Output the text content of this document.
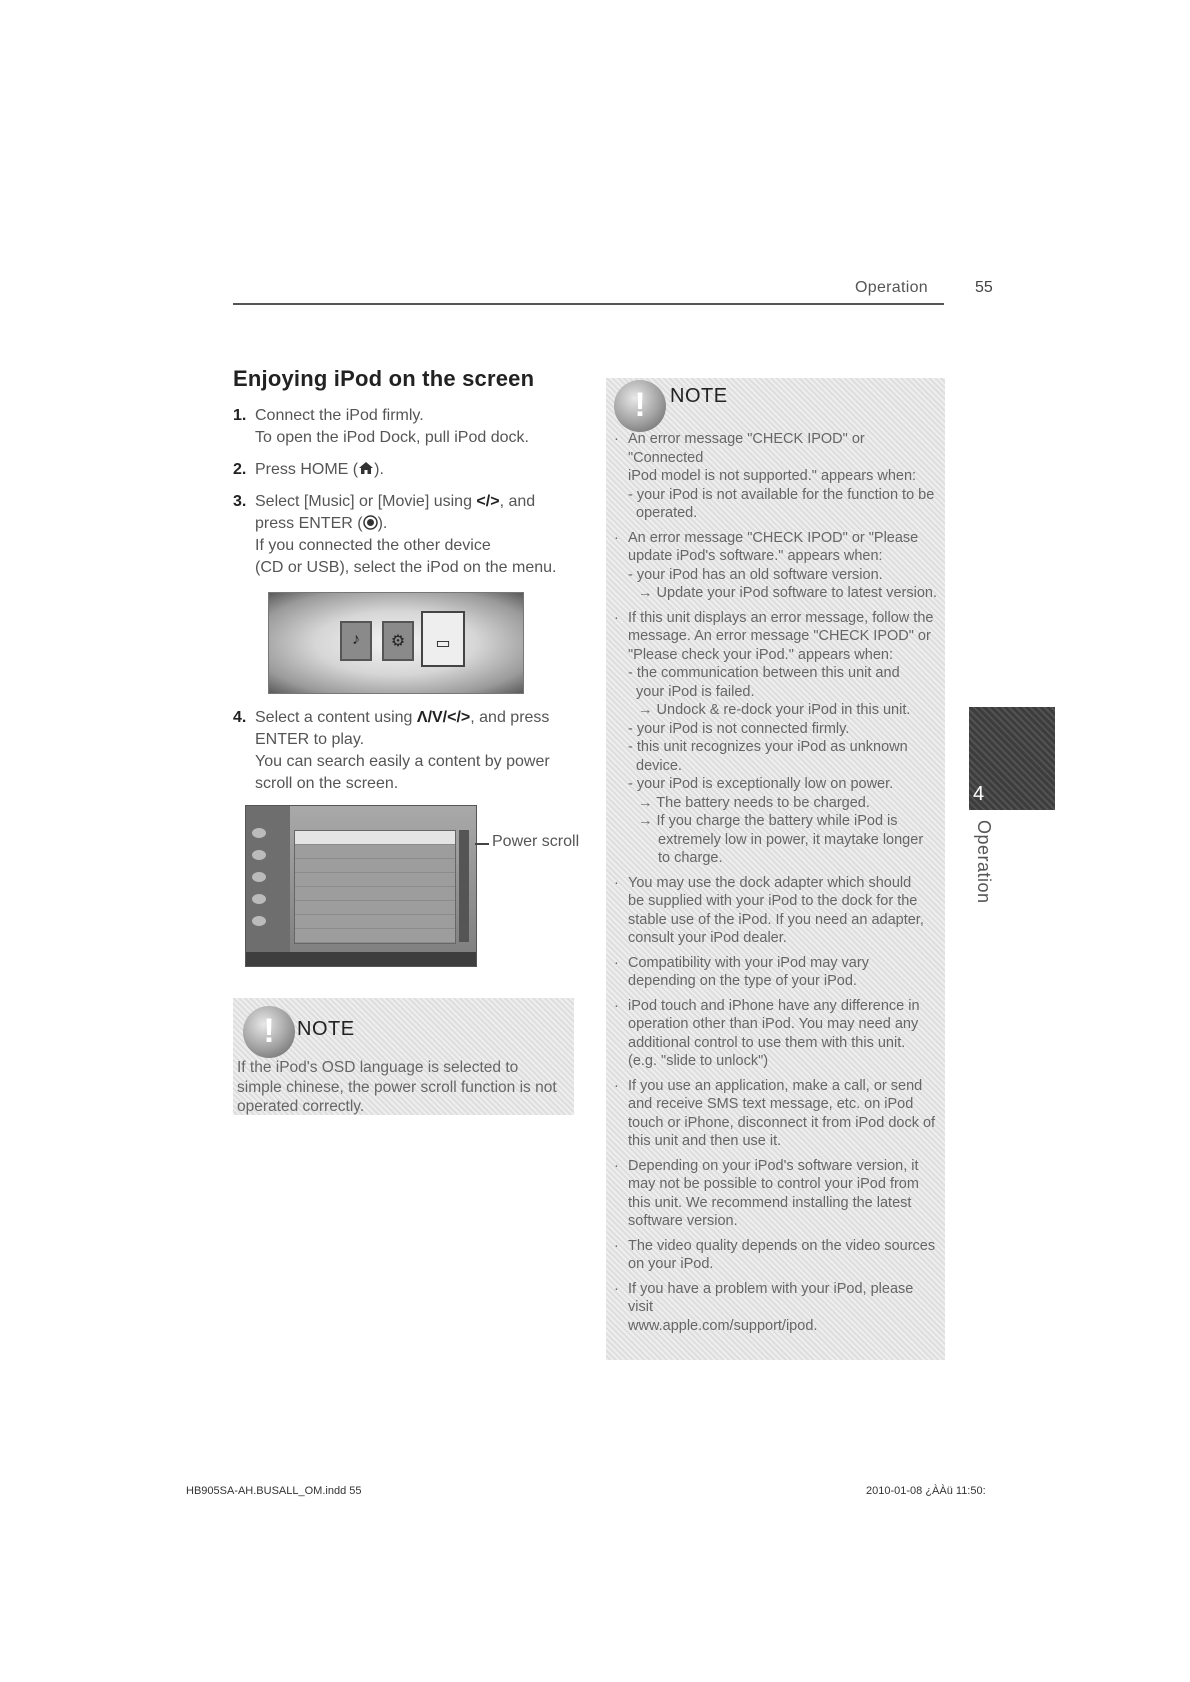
Operation	55
Enjoying iPod on the screen
1. Connect the iPod firmly.

To open the iPod Dock, pull iPod dock.

2. Press HOME ( ).

3. Select [Music] or [Movie] using </>, and

press ENTER ( ).

If you connected the other device

(CD or USB), select the iPod on the menu.

♪	⚙	▭
4. Select a content using Λ/V/</>, and press

ENTER to play.

You can search easily a content by power

scroll on the screen.

Power scroll
!	NOTE
If the iPod's OSD language is selected to simple chinese, the power scroll function is not operated correctly.
!	NOTE
· An error message "CHECK IPOD" or "Connected

iPod model is not supported." appears when:

- your iPod is not available for the function to be

operated.

· An error message "CHECK IPOD" or "Please

update iPod's software." appears when:

- your iPod has an old software version.

→ Update your iPod software to latest version.

· If this unit displays an error message, follow the

message. An error message "CHECK IPOD" or

"Please check your iPod." appears when:

- the communication between this unit and

your iPod is failed.

→ Undock & re-dock your iPod in this unit.

- your iPod is not connected firmly.

- this unit recognizes your iPod as unknown

device.

- your iPod is exceptionally low on power.

→ The battery needs to be charged.

→ If you charge the battery while iPod is

extremely low in power, it maytake longer

to charge.

· You may use the dock adapter which should

be supplied with your iPod to the dock for the

stable use of the iPod. If you need an adapter,

consult your iPod dealer.

· Compatibility with your iPod may vary

depending on the type of your iPod.

· iPod touch and iPhone have any difference in

operation other than iPod. You may need any

additional control to use them with this unit.

(e.g. "slide to unlock")

· If you use an application, make a call, or send

and receive SMS text message, etc. on iPod

touch or iPhone, disconnect it from iPod dock of

this unit and then use it.

· Depending on your iPod's software version, it

may not be possible to control your iPod from

this unit. We recommend installing the latest

software version.

· The video quality depends on the video sources

on your iPod.

· If you have a problem with your iPod, please visit

www.apple.com/support/ipod.

4
Operation
HB905SA-AH.BUSALL_OM.indd 55	2010-01-08 ¿ÀÀü 11:50:
